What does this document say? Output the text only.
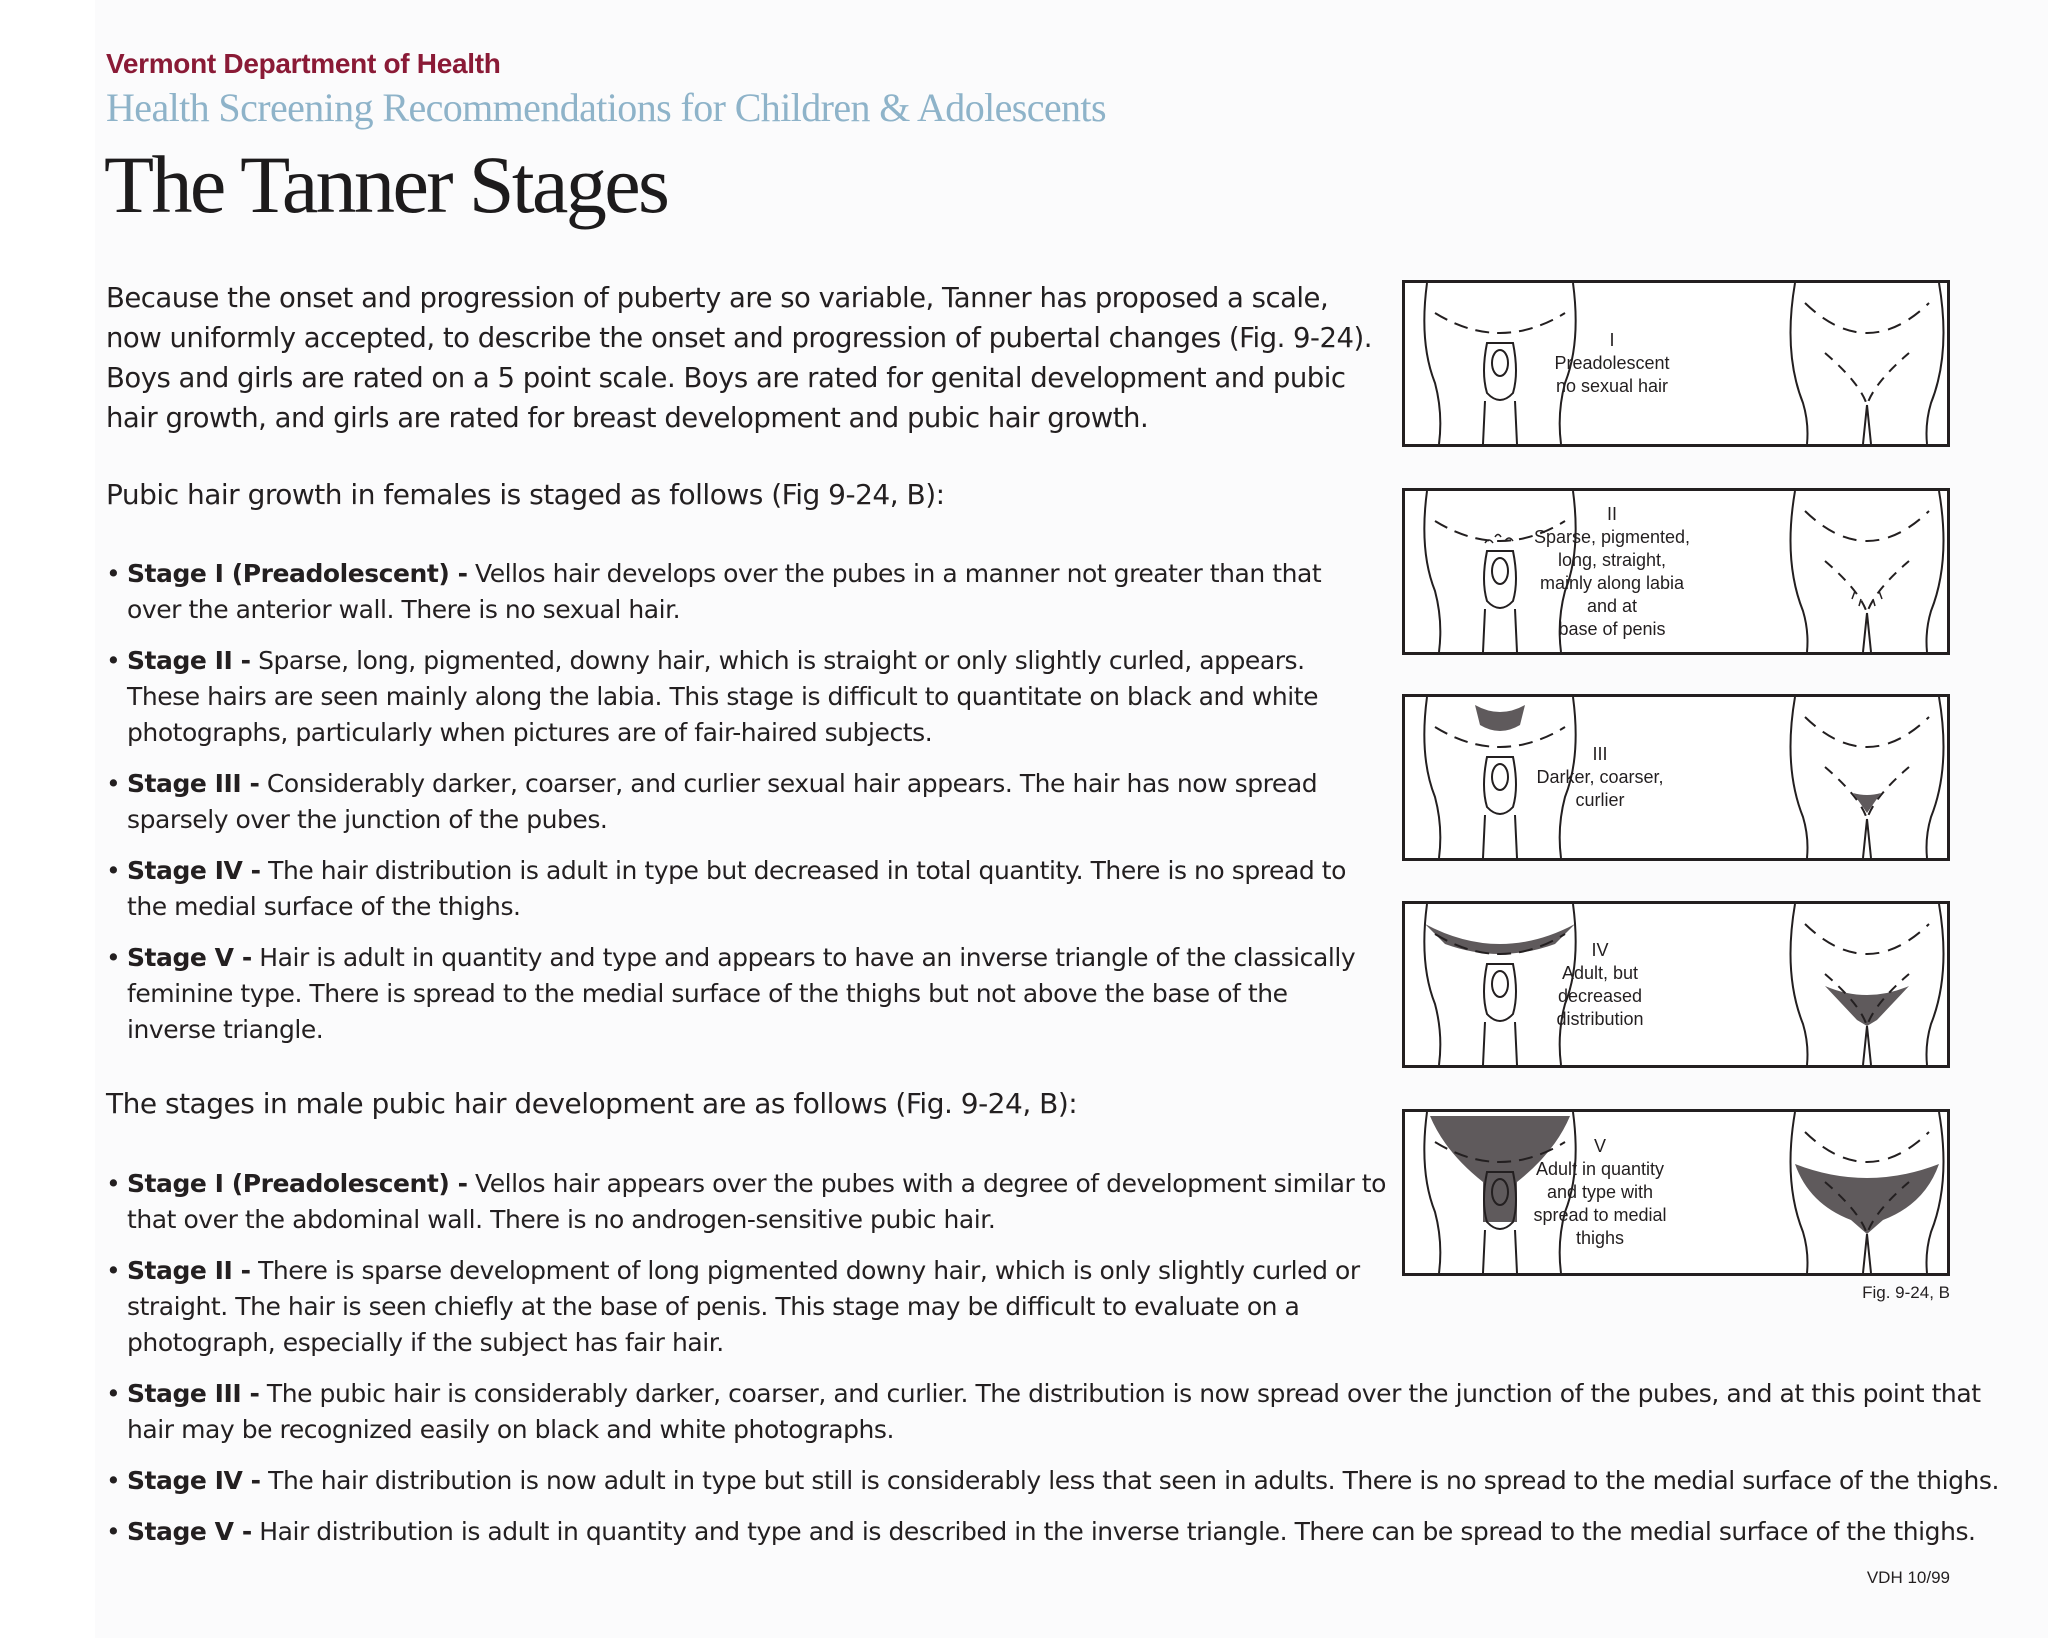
Vermont Department of Health
Health Screening Recommendations for Children & Adolescents
The Tanner Stages

Because the onset and progression of puberty are so variable, Tanner has proposed a scale, now uniformly accepted, to describe the onset and progression of pubertal changes (Fig. 9-24). Boys and girls are rated on a 5 point scale. Boys are rated for genital development and pubic hair growth, and girls are rated for breast development and pubic hair growth.

Pubic hair growth in females is staged as follows (Fig 9-24, B):

• Stage I (Preadolescent) - Vellos hair develops over the pubes in a manner not greater than that over the anterior wall. There is no sexual hair.
• Stage II - Sparse, long, pigmented, downy hair, which is straight or only slightly curled, appears. These hairs are seen mainly along the labia. This stage is difficult to quantitate on black and white photographs, particularly when pictures are of fair-haired subjects.
• Stage III - Considerably darker, coarser, and curlier sexual hair appears. The hair has now spread sparsely over the junction of the pubes.
• Stage IV - The hair distribution is adult in type but decreased in total quantity. There is no spread to the medial surface of the thighs.
• Stage V - Hair is adult in quantity and type and appears to have an inverse triangle of the classically feminine type. There is spread to the medial surface of the thighs but not above the base of the inverse triangle.

The stages in male pubic hair development are as follows (Fig. 9-24, B):

• Stage I (Preadolescent) - Vellos hair appears over the pubes with a degree of development similar to that over the abdominal wall. There is no androgen-sensitive pubic hair.
• Stage II - There is sparse development of long pigmented downy hair, which is only slightly curled or straight. The hair is seen chiefly at the base of penis. This stage may be difficult to evaluate on a photograph, especially if the subject has fair hair.
• Stage III - The pubic hair is considerably darker, coarser, and curlier. The distribution is now spread over the junction of the pubes, and at this point that hair may be recognized easily on black and white photographs.
• Stage IV - The hair distribution is now adult in type but still is considerably less that seen in adults. There is no spread to the medial surface of the thighs.
• Stage V - Hair distribution is adult in quantity and type and is described in the inverse triangle. There can be spread to the medial surface of the thighs.
I
Preadolescent
no sexual hair
II
Sparse, pigmented,
long, straight,
mainly along labia
and at
base of penis
III
Darker, coarser,
curlier
IV
Adult, but
decreased
distribution
V
Adult in quantity
and type with
spread to medial
thighs
Fig. 9-24, B
VDH 10/99
